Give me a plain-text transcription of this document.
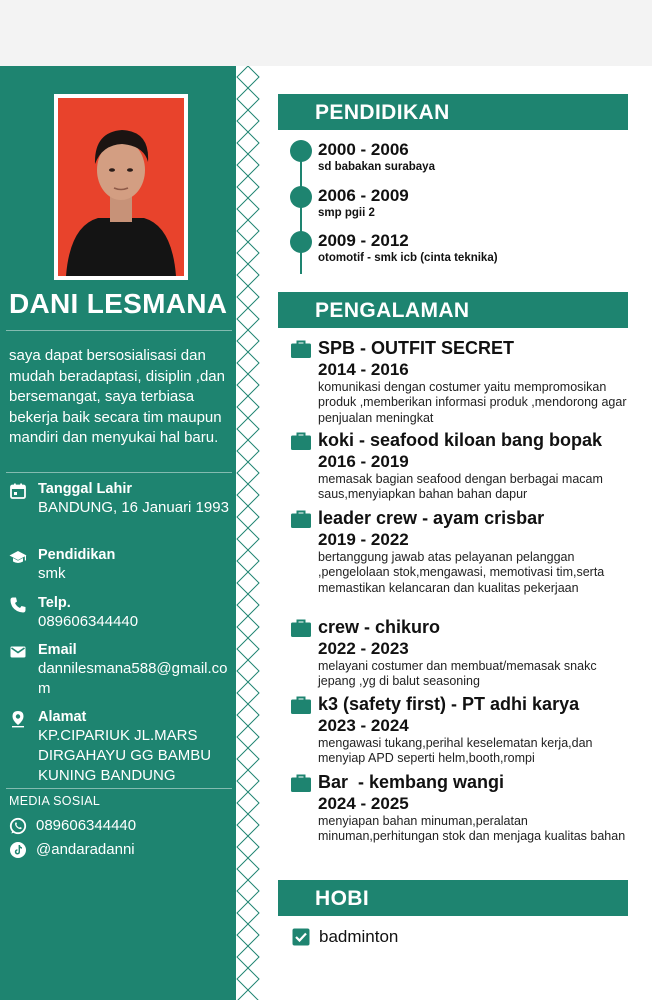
DANI LESMANA
saya dapat bersosialisasi dan mudah beradaptasi, disiplin ,dan bersemangat, saya terbiasa bekerja baik secara tim maupun mandiri dan menyukai hal baru.
Tanggal Lahir
BANDUNG, 16 Januari 1993
Pendidikan
smk
Telp.
089606344440
Email
dannilesmana588@gmail.com
Alamat
KP.CIPARIUK JL.MARS DIRGAHAYU GG BAMBU KUNING BANDUNG
MEDIA SOSIAL
089606344440
@andaradanni
PENDIDIKAN
2000 - 2006
sd babakan surabaya
2006 - 2009
smp pgii 2
2009 - 2012
otomotif - smk icb (cinta teknika)
PENGALAMAN
SPB - OUTFIT SECRET
2014 - 2016
komunikasi dengan costumer yaitu mempromosikan produk ,memberikan informasi produk ,mendorong agar penjualan meningkat
koki - seafood kiloan bang bopak
2016 - 2019
memasak bagian seafood dengan berbagai macam saus,menyiapkan bahan bahan dapur
leader crew - ayam crisbar
2019 - 2022
bertanggung jawab atas pelayanan pelanggan ,pengelolaan stok,mengawasi, memotivasi tim,serta memastikan kelancaran dan kualitas pekerjaan
crew - chikuro
2022 - 2023
melayani costumer dan membuat/memasak snakc jepang ,yg di balut seasoning
k3 (safety first) - PT adhi karya
2023 - 2024
mengawasi tukang,perihal keselematan kerja,dan menyiap APD seperti helm,booth,rompi
Bar  - kembang wangi
2024 - 2025
menyiapan bahan minuman,peralatan minuman,perhitungan stok dan menjaga kualitas bahan
HOBI
badminton
